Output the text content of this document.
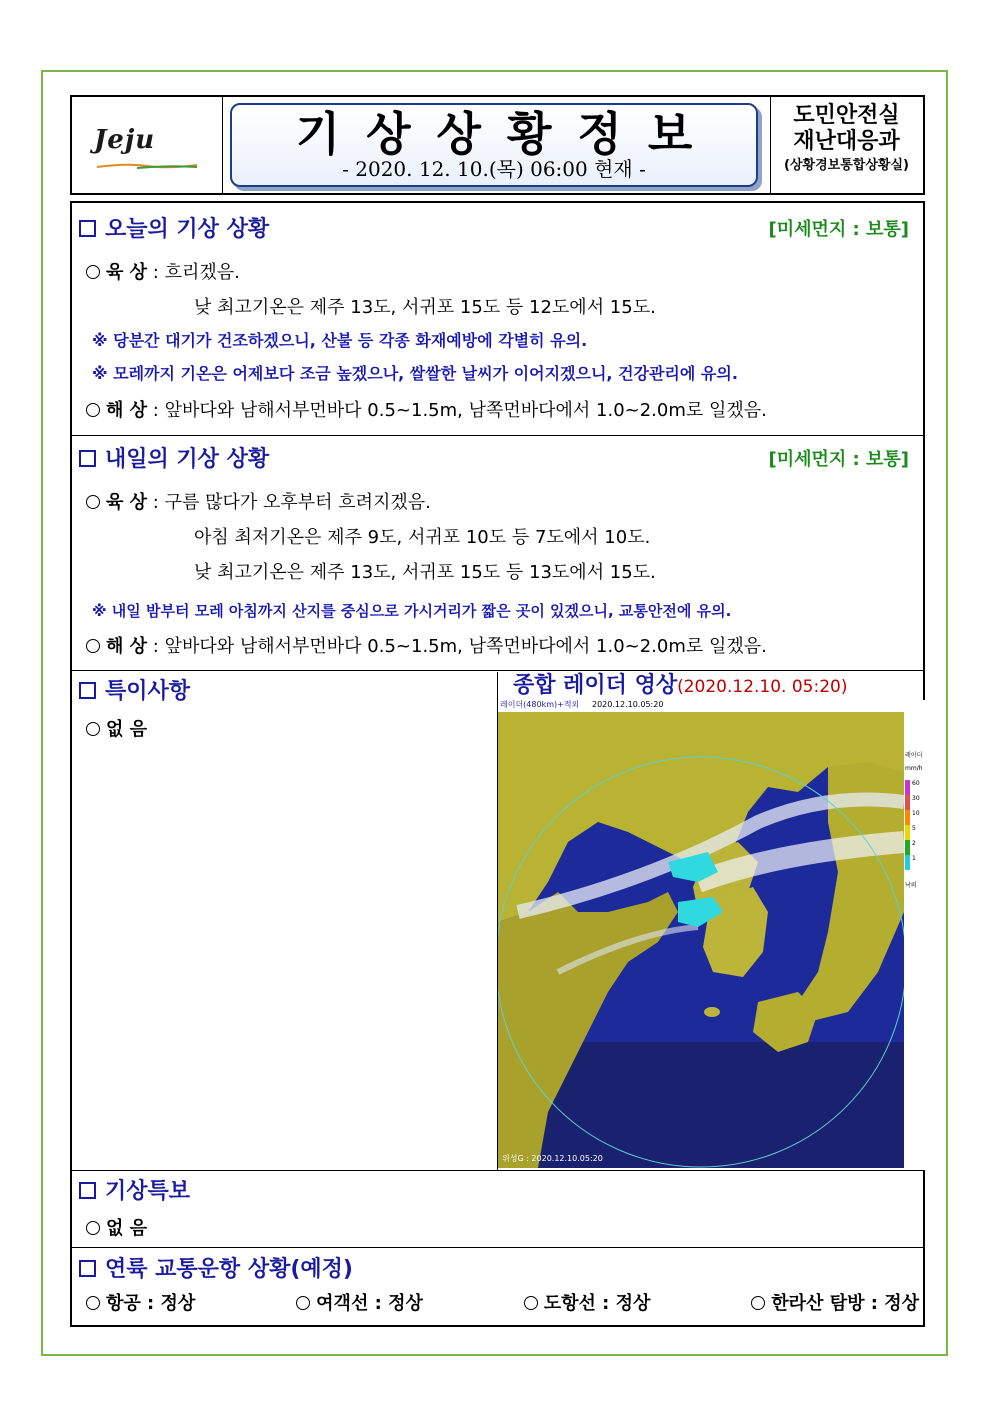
Jeju	기상상황정보
- 2020. 12. 10.(목) 06:00 현재 -
도민안전실
재난대응과
(상황경보통합상황실)
오늘의 기상 상황	[미세먼지 : 보통]
육 상 : 흐리겠음.
낮 최고기온은 제주 13도, 서귀포 15도 등 12도에서 15도.
※ 당분간 대기가 건조하겠으니, 산불 등 각종 화재예방에 각별히 유의.
※ 모레까지 기온은 어제보다 조금 높겠으나, 쌀쌀한 날씨가 이어지겠으니, 건강관리에 유의.
해 상 : 앞바다와 남해서부먼바다 0.5~1.5m, 남쪽먼바다에서 1.0~2.0m로 일겠음.
내일의 기상 상황	[미세먼지 : 보통]
육 상 : 구름 많다가 오후부터 흐려지겠음.
아침 최저기온은 제주 9도, 서귀포 10도 등 7도에서 10도.
낮 최고기온은 제주 13도, 서귀포 15도 등 13도에서 15도.
※ 내일 밤부터 모레 아침까지 산지를 중심으로 가시거리가 짧은 곳이 있겠으니, 교통안전에 유의.
해 상 : 앞바다와 남해서부먼바다 0.5~1.5m, 남쪽먼바다에서 1.0~2.0m로 일겠음.
특이사항
없 음
종합 레이더 영상(2020.12.10. 05:20)
레이더(480km)+적외 2020.12.10.05:20
위성G : 2020.12.10.05:20
레이더
mm/h
60
30
10
5
2
1
낙뢰
기상특보
없 음
연륙 교통운항 상황(예정)
항공 : 정상	여객선 : 정상	도항선 : 정상	한라산 탐방 : 정상
